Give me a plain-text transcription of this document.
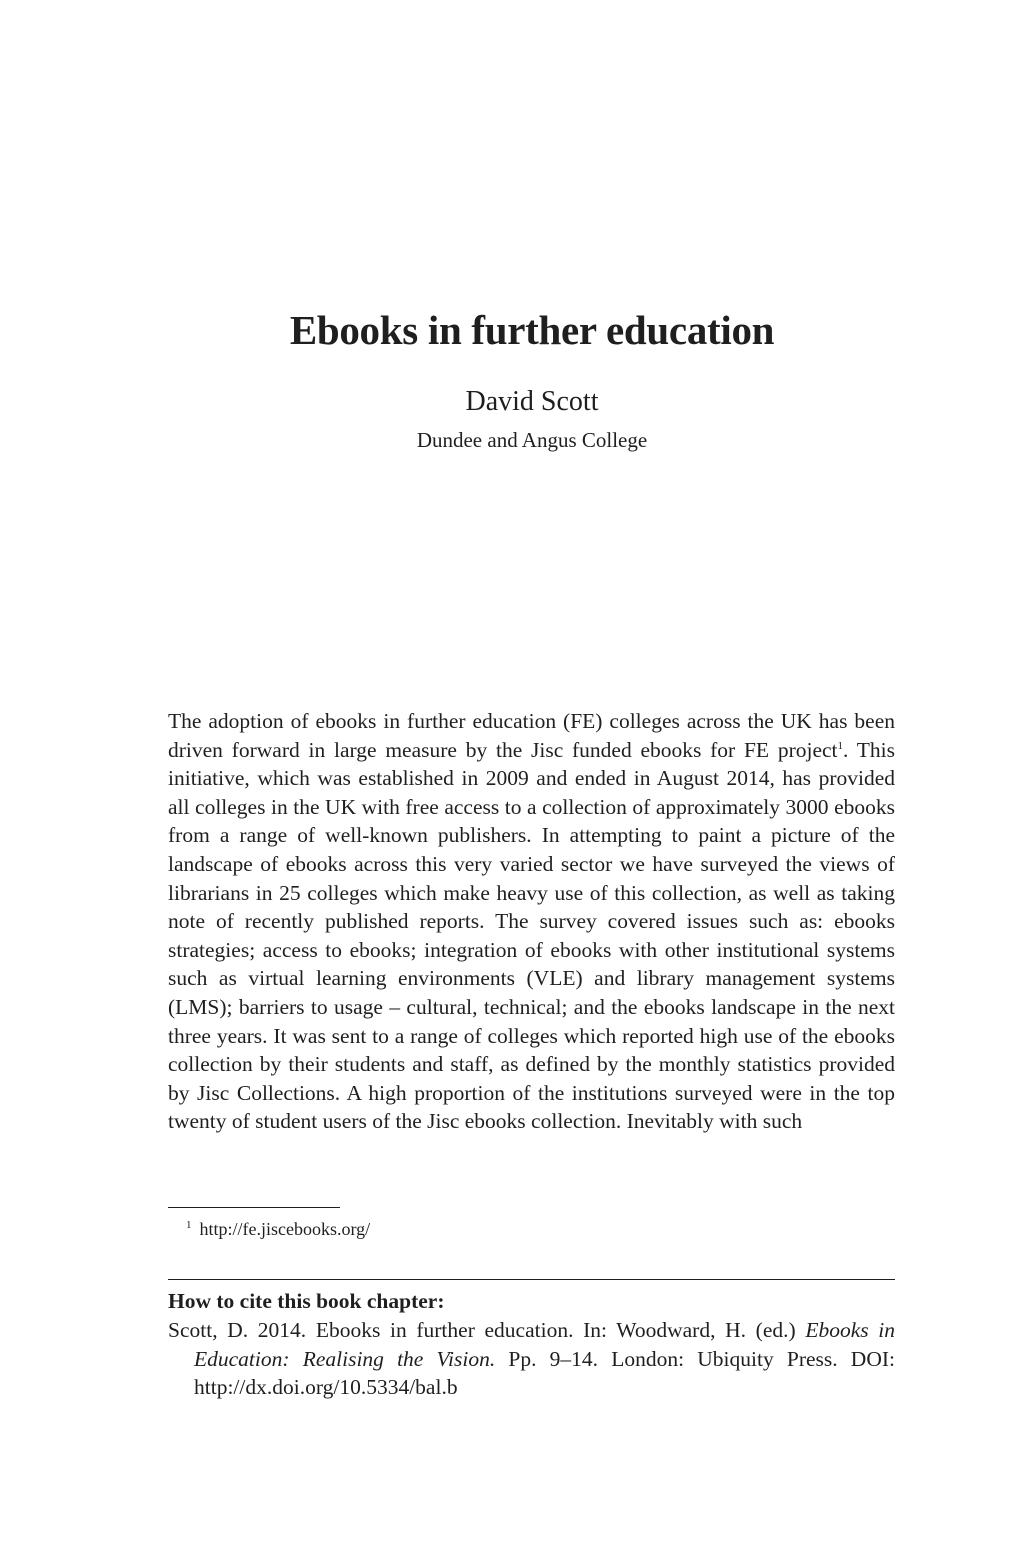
Ebooks in further education
David Scott
Dundee and Angus College

The adoption of ebooks in further education (FE) colleges across the UK has been driven forward in large measure by the Jisc funded ebooks for FE project$^1$. This initiative, which was established in 2009 and ended in August 2014, has provided all colleges in the UK with free access to a collection of approximately 3000 ebooks from a range of well-known publishers. In attempting to paint a picture of the landscape of ebooks across this very varied sector we have surveyed the views of librarians in 25 colleges which make heavy use of this collection, as well as taking note of recently published reports. The survey covered issues such as: ebooks strategies; access to ebooks; integration of ebooks with other institutional systems such as virtual learning environments (VLE) and library management systems (LMS); barriers to usage – cultural, technical; and the ebooks landscape in the next three years. It was sent to a range of colleges which reported high use of the ebooks collection by their students and staff, as defined by the monthly statistics provided by Jisc Collections. A high proportion of the institutions surveyed were in the top twenty of student users of the Jisc ebooks collection. Inevitably with such

$^1$ http://fe.jiscebooks.org/
How to cite this book chapter:

Scott, D. 2014. Ebooks in further education. In: Woodward, H. (ed.) Ebooks in Education: Realising the Vision. Pp. 9–14. London: Ubiquity Press. DOI: http://dx.doi.org/10.5334/bal.b
